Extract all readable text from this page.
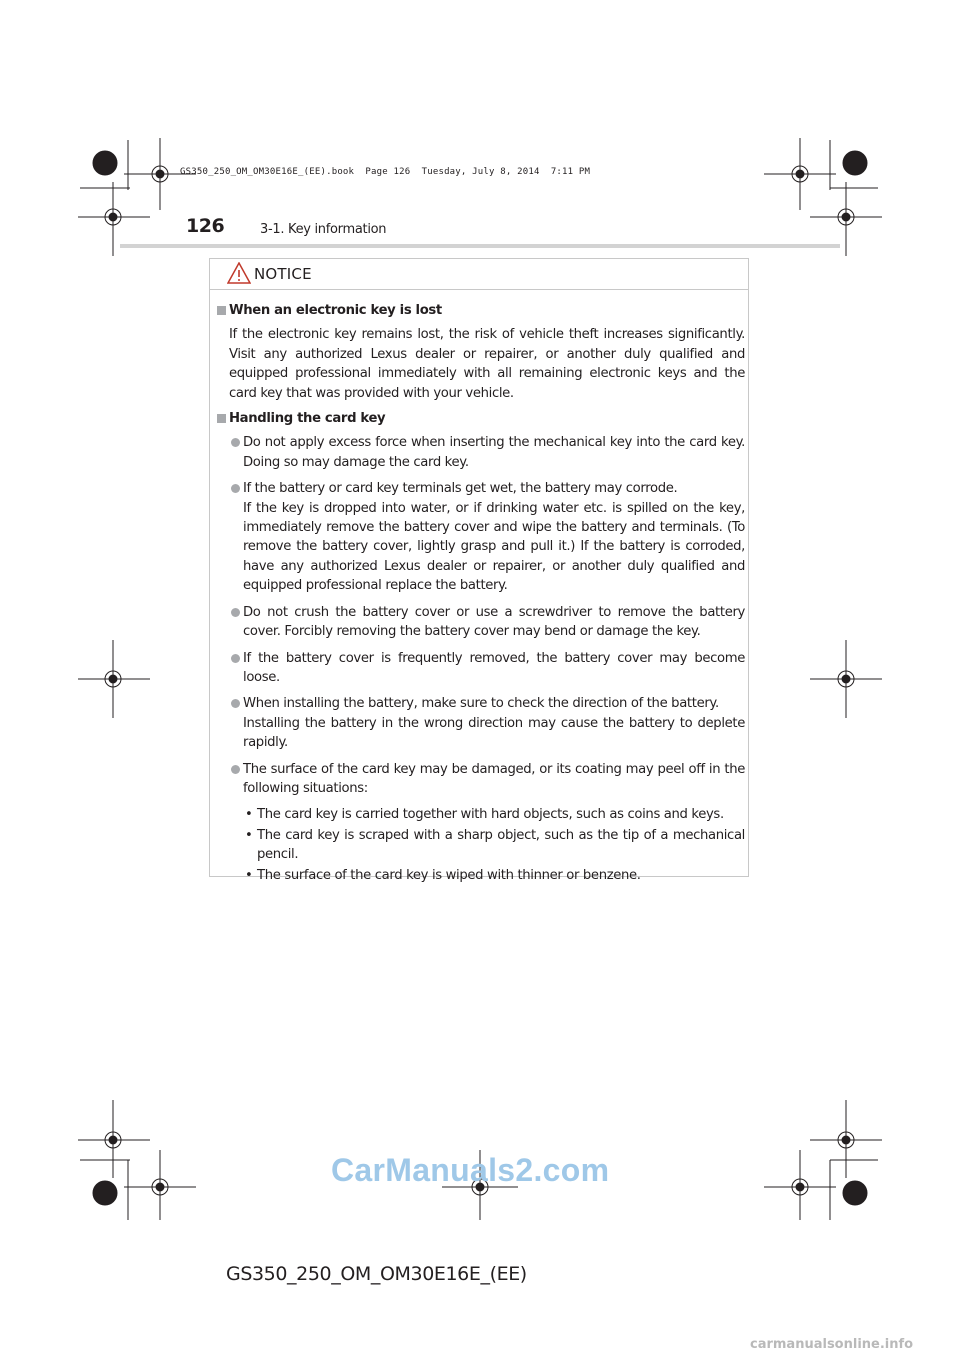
GS350_250_OM_OM30E16E_(EE).book  Page 126  Tuesday, July 8, 2014  7:11 PM
126	3-1. Key information
NOTICE
When an electronic key is lost
If the electronic key remains lost, the risk of vehicle theft increases significantly. Visit any authorized Lexus dealer or repairer, or another duly qualified and equipped professional immediately with all remaining electronic keys and the card key that was provided with your vehicle.
Handling the card key
Do not apply excess force when inserting the mechanical key into the card key. Doing so may damage the card key.
If the battery or card key terminals get wet, the battery may corrode.
If the key is dropped into water, or if drinking water etc. is spilled on the key, immediately remove the battery cover and wipe the battery and terminals. (To remove the battery cover, lightly grasp and pull it.) If the battery is corroded, have any authorized Lexus dealer or repairer, or another duly qualified and equipped professional replace the battery.
Do not crush the battery cover or use a screwdriver to remove the battery cover. Forcibly removing the battery cover may bend or damage the key.
If the battery cover is frequently removed, the battery cover may become loose.
When installing the battery, make sure to check the direction of the battery.
Installing the battery in the wrong direction may cause the battery to deplete rapidly.
The surface of the card key may be damaged, or its coating may peel off in the following situations:
• The card key is carried together with hard objects, such as coins and keys.
• The card key is scraped with a sharp object, such as the tip of a mechanical pencil.
• The surface of the card key is wiped with thinner or benzene.
CarManuals2.com
GS350_250_OM_OM30E16E_(EE)
carmanualsonline.info
